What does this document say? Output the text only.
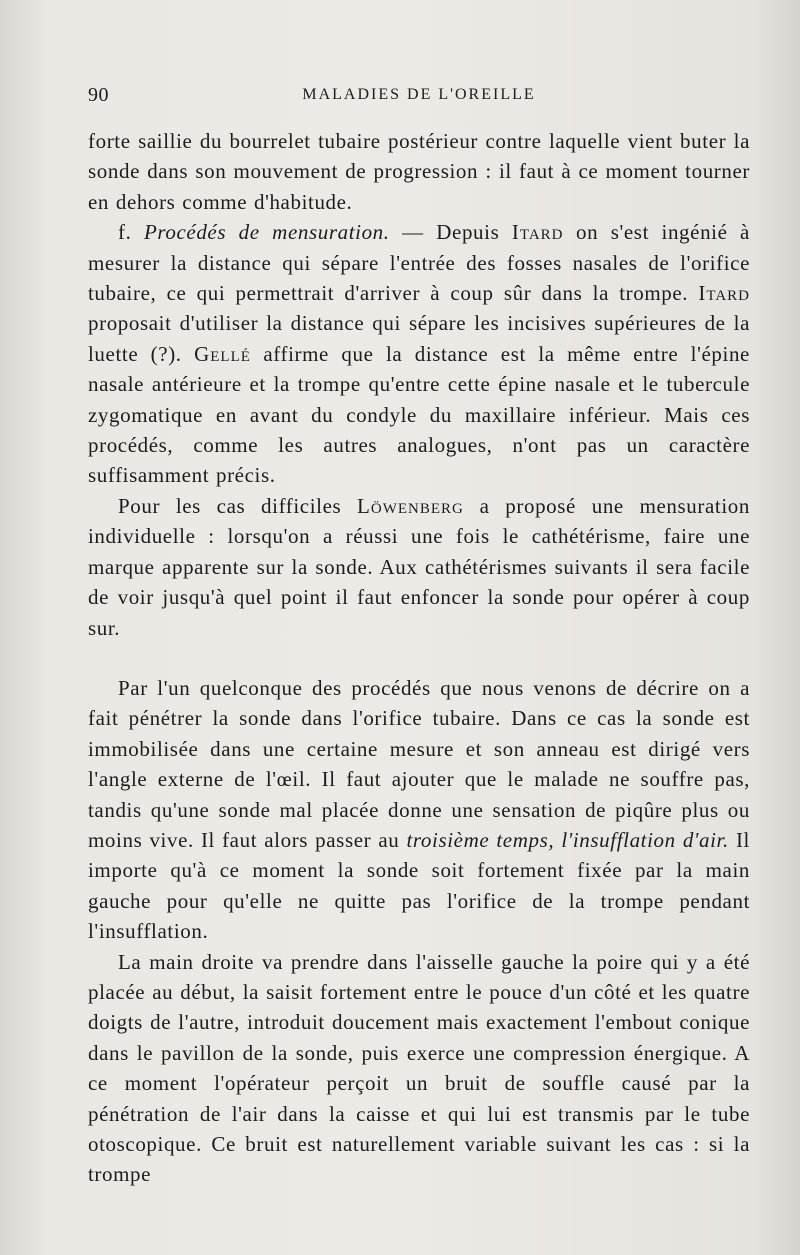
90	MALADIES DE L'OREILLE

forte saillie du bourrelet tubaire postérieur contre laquelle vient buter la sonde dans son mouvement de progression : il faut à ce moment tourner en dehors comme d'habitude.

f. Procédés de mensuration. — Depuis Itard on s'est ingénié à mesurer la distance qui sépare l'entrée des fosses nasales de l'orifice tubaire, ce qui permettrait d'arriver à coup sûr dans la trompe. Itard proposait d'utiliser la distance qui sépare les incisives supérieures de la luette (?). Gellé affirme que la distance est la même entre l'épine nasale antérieure et la trompe qu'entre cette épine nasale et le tubercule zygomatique en avant du condyle du maxillaire inférieur. Mais ces procédés, comme les autres analogues, n'ont pas un caractère suffisamment précis.

Pour les cas difficiles Löwenberg a proposé une mensuration individuelle : lorsqu'on a réussi une fois le cathétérisme, faire une marque apparente sur la sonde. Aux cathétérismes suivants il sera facile de voir jusqu'à quel point il faut enfoncer la sonde pour opérer à coup sur.

Par l'un quelconque des procédés que nous venons de décrire on a fait pénétrer la sonde dans l'orifice tubaire. Dans ce cas la sonde est immobilisée dans une certaine mesure et son anneau est dirigé vers l'angle externe de l'œil. Il faut ajouter que le malade ne souffre pas, tandis qu'une sonde mal placée donne une sensation de piqûre plus ou moins vive. Il faut alors passer au troisième temps, l'insufflation d'air. Il importe qu'à ce moment la sonde soit fortement fixée par la main gauche pour qu'elle ne quitte pas l'orifice de la trompe pendant l'insufflation.

La main droite va prendre dans l'aisselle gauche la poire qui y a été placée au début, la saisit fortement entre le pouce d'un côté et les quatre doigts de l'autre, introduit doucement mais exactement l'embout conique dans le pavillon de la sonde, puis exerce une compression énergique. A ce moment l'opérateur perçoit un bruit de souffle causé par la pénétration de l'air dans la caisse et qui lui est transmis par le tube otoscopique. Ce bruit est naturellement variable suivant les cas : si la trompe
